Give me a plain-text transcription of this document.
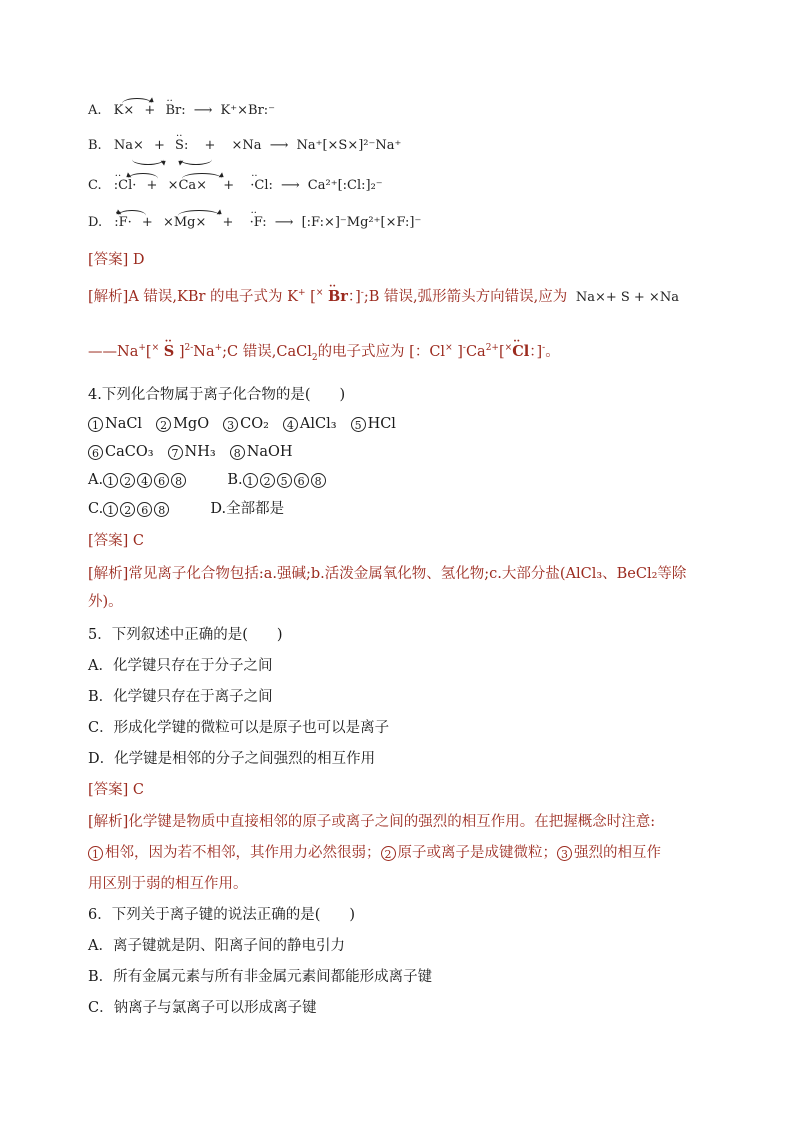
A. K× + ·· Br: ⟶ K⁺×Br:⁻
B. Na× + ·· S: + ×Na ⟶ Na⁺[×S×]²⁻Na⁺
C. ·· :Cl· + ×Ca× + ·· ·Cl: ⟶ Ca²⁺[:Cl:]₂⁻
D. ·· :F· + ×Mg× + ·· ·F: ⟶ [:F:×]⁻Mg²⁺[×F:]⁻
[答案] D
[解析]A 错误,KBr 的电子式为 K+ [× ·· Br：]-;B 错误,弧形箭头方向错误,应为 Na×+ S + ×Na
——Na+[× ·· S ]$^{2-}$Na+;C 错误,CaCl$_2$的电子式应为 [：Cl× ]$^-Ca^{2+}[^\times\cdot\cdot Cl$：]-。
4.下列化合物属于离子化合物的是(　　)
1 NaCl 2 MgO 3 CO₂ 4 AlCl₃ 5 HCl
6 CaCO₃ 7 NH₃ 8 NaOH
A. 1 2 4 6 8	B. 1 2 5 6 8
C. 1 2 6 8	D.全部都是
[答案] C
[解析]常见离子化合物包括:a.强碱;b.活泼金属氧化物、氢化物;c.大部分盐(AlCl₃、BeCl₂等除
外)。
5．下列叙述中正确的是(　　)
A．化学键只存在于分子之间
B．化学键只存在于离子之间
C．形成化学键的微粒可以是原子也可以是离子
D．化学键是相邻的分子之间强烈的相互作用
[答案] C
[解析]化学键是物质中直接相邻的原子或离子之间的强烈的相互作用。在把握概念时注意:
1 相邻，因为若不相邻，其作用力必然很弱； 2 原子或离子是成键微粒； 3 强烈的相互作
用区别于弱的相互作用。
6．下列关于离子键的说法正确的是(　　)
A．离子键就是阴、阳离子间的静电引力
B．所有金属元素与所有非金属元素间都能形成离子键
C．钠离子与氯离子可以形成离子键
